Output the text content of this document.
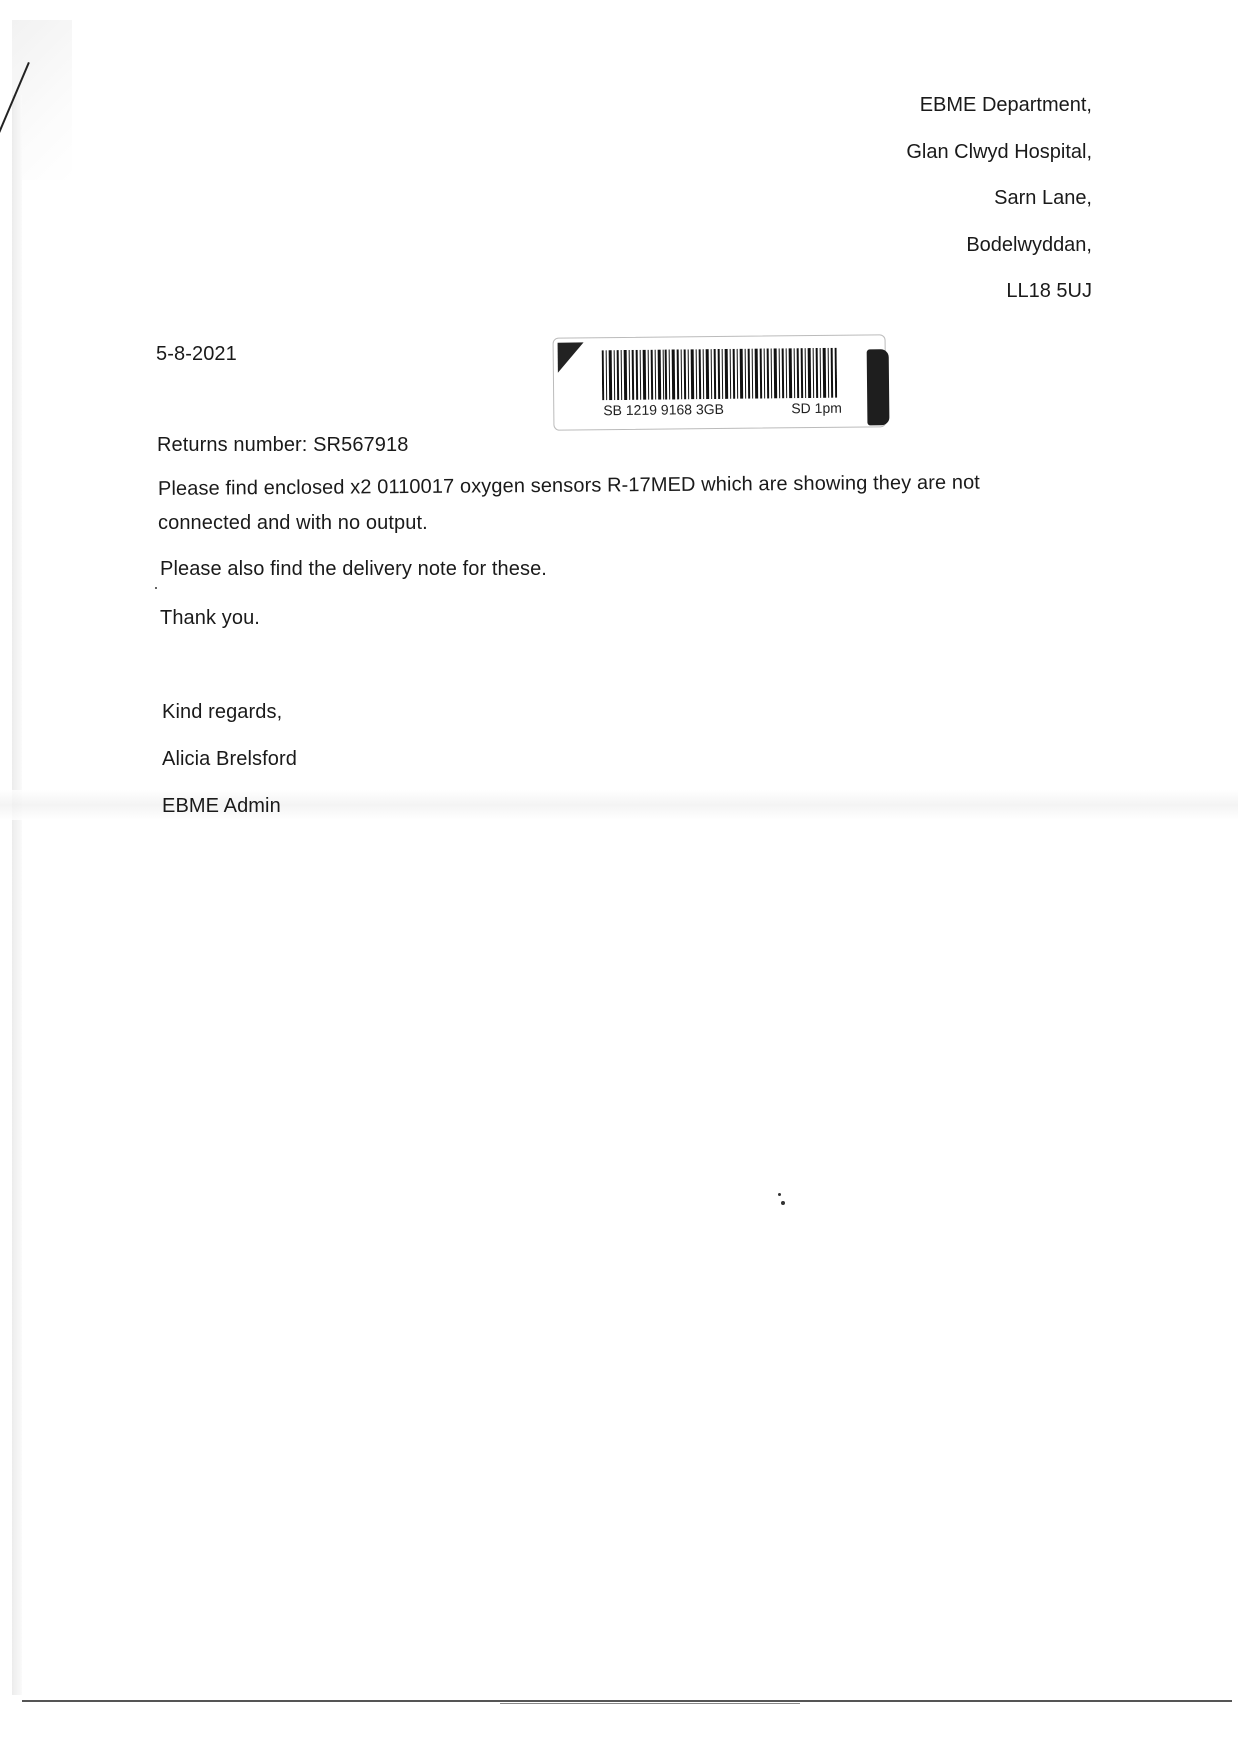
EBME Department,
Glan Clwyd Hospital,
Sarn Lane,
Bodelwyddan,
LL18 5UJ
5-8-2021
SB 1219 9168 3GB	SD 1pm
Returns number: SR567918
Please find enclosed x2 0110017 oxygen sensors R-17MED which are showing they are not
connected and with no output.
Please also find the delivery note for these.
Thank you.
Kind regards,
Alicia Brelsford
EBME Admin
